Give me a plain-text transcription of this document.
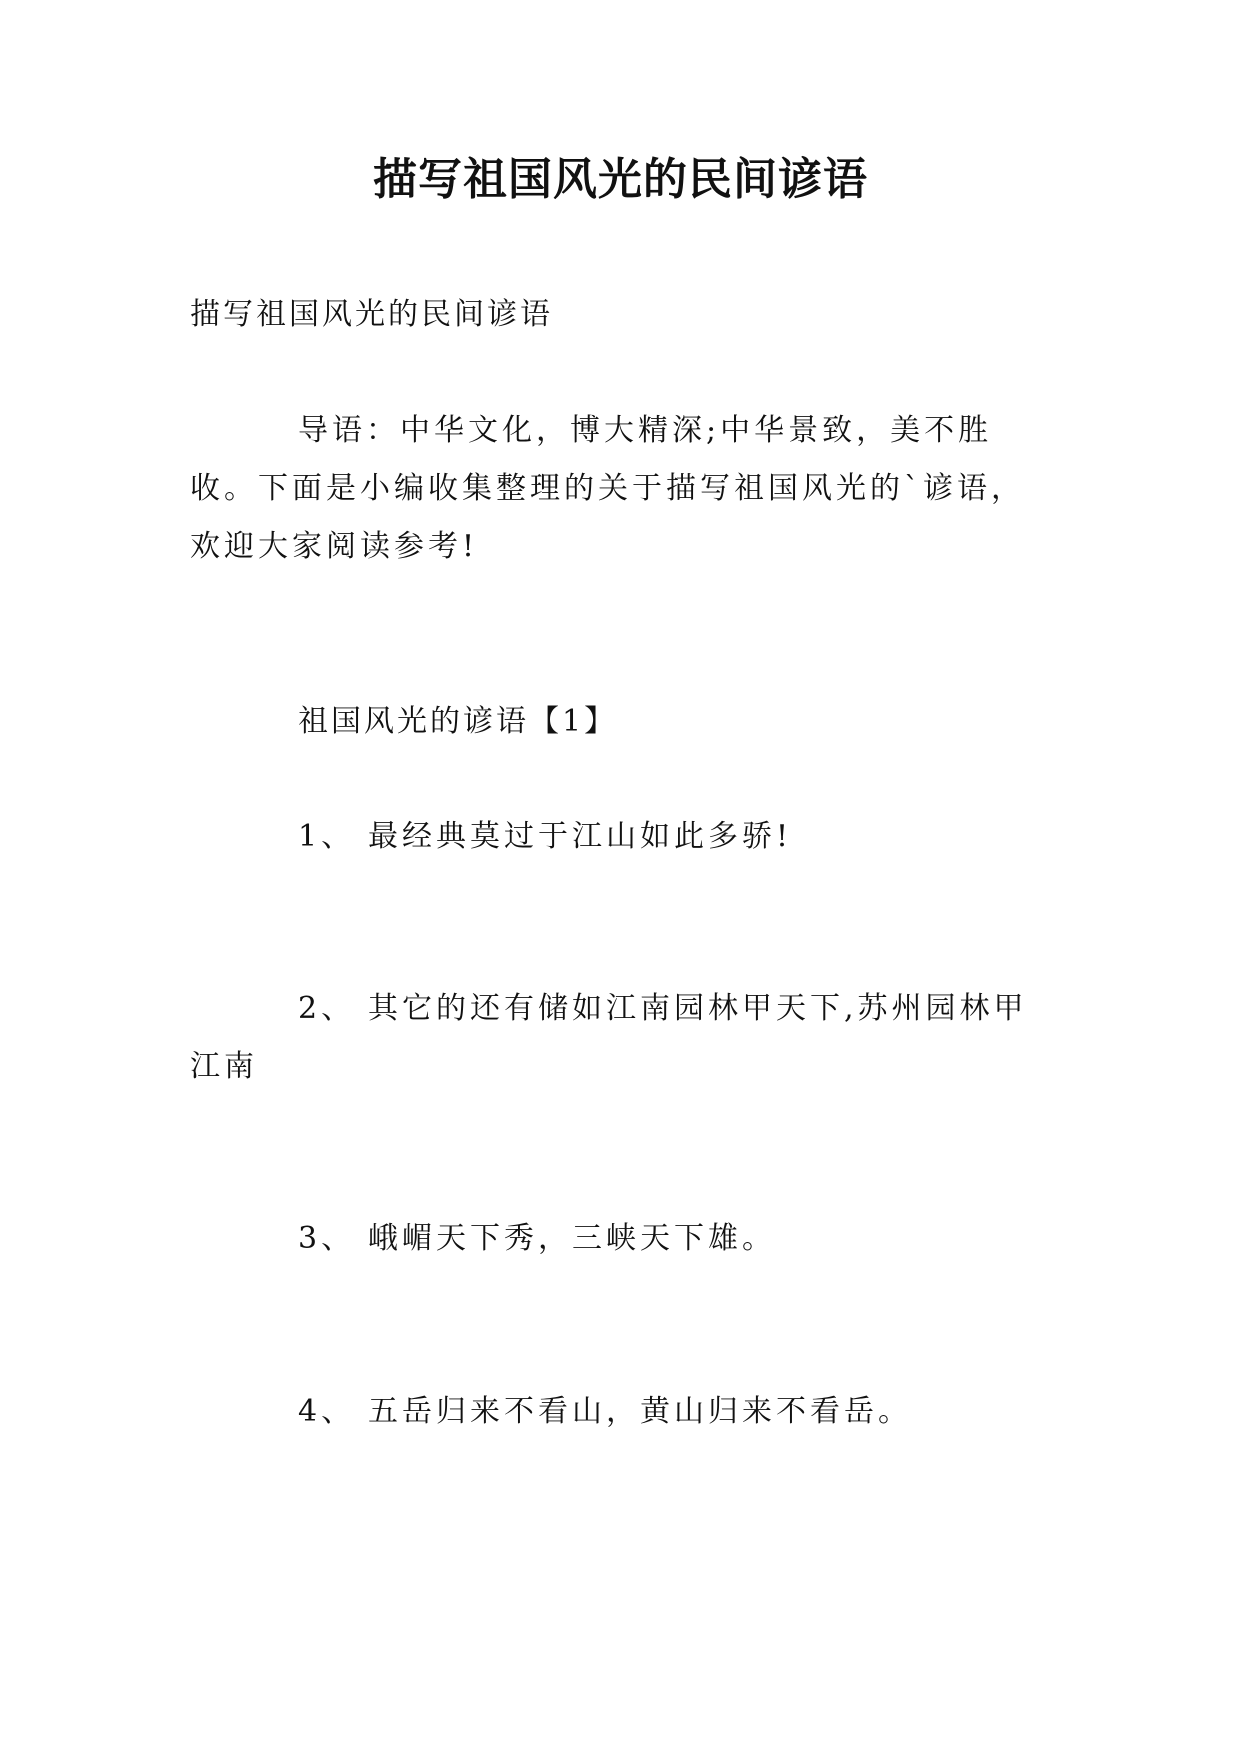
描写祖国风光的民间谚语
描写祖国风光的民间谚语
导语：中华文化，博大精深;中华景致，美不胜收。下面是小编收集整理的关于描写祖国风光的`谚语，欢迎大家阅读参考!
祖国风光的谚语【1】
1、 最经典莫过于江山如此多骄!
2、 其它的还有储如江南园林甲天下,苏州园林甲江南
3、 峨嵋天下秀，三峡天下雄。
4、 五岳归来不看山，黄山归来不看岳。
